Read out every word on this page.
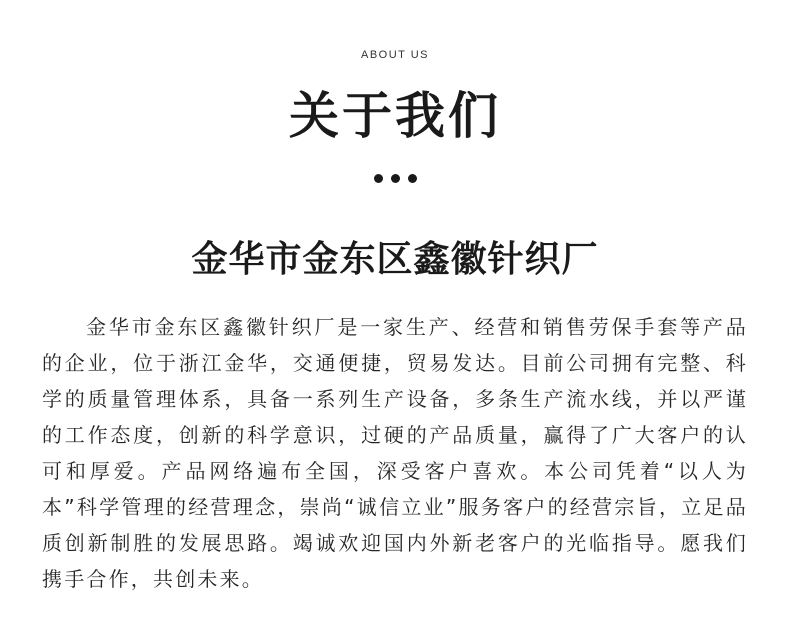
ABOUT US
关于我们
金华市金东区鑫徽针织厂

金华市金东区鑫徽针织厂是一家生产、经营和销售劳保手套等产品的企业，位于浙江金华，交通便捷，贸易发达。目前公司拥有完整、科学的质量管理体系，具备一系列生产设备，多条生产流水线，并以严谨的工作态度，创新的科学意识，过硬的产品质量，赢得了广大客户的认可和厚爱。产品网络遍布全国，深受客户喜欢。本公司凭着“以人为本”科学管理的经营理念，崇尚“诚信立业”服务客户的经营宗旨，立足品质创新制胜的发展思路。竭诚欢迎国内外新老客户的光临指导。愿我们携手合作，共创未来。
